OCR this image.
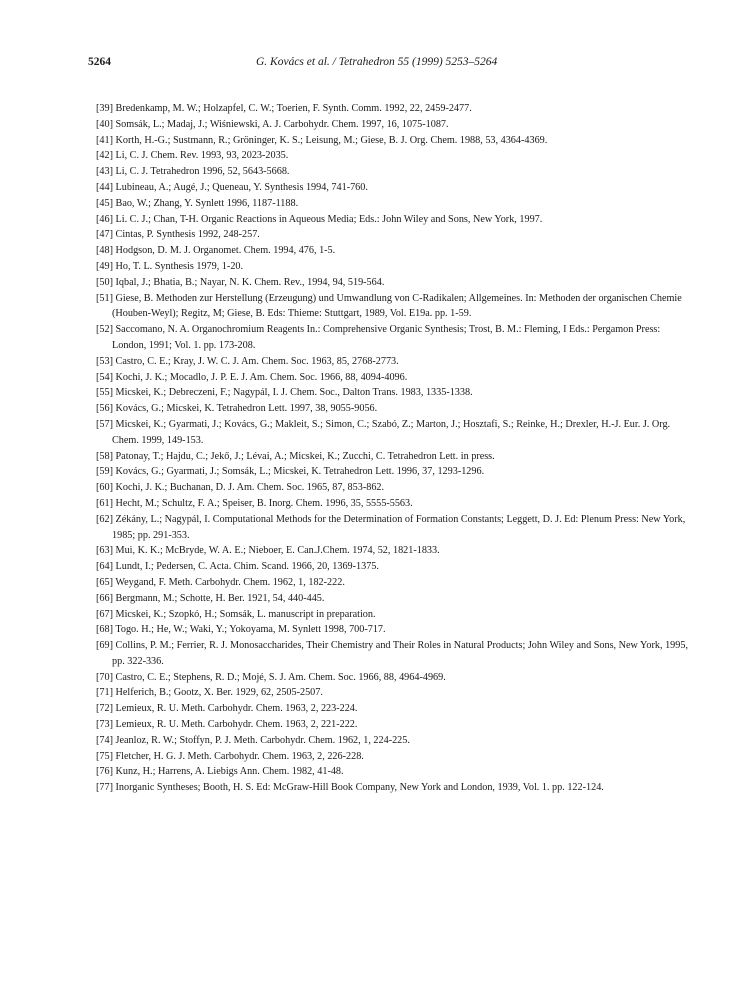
5264	G. Kovács et al. / Tetrahedron 55 (1999) 5253–5264
[39] Bredenkamp, M. W.; Holzapfel, C. W.; Toerien, F. Synth. Comm. 1992, 22, 2459-2477.
[40] Somsák, L.; Madaj, J.; Wiśniewski, A. J. Carbohydr. Chem. 1997, 16, 1075-1087.
[41] Korth, H.-G.; Sustmann, R.; Gröninger, K. S.; Leisung, M.; Giese, B. J. Org. Chem. 1988, 53, 4364-4369.
[42] Li, C. J. Chem. Rev. 1993, 93, 2023-2035.
[43] Li, C. J. Tetrahedron 1996, 52, 5643-5668.
[44] Lubineau, A.; Augé, J.; Queneau, Y. Synthesis 1994, 741-760.
[45] Bao, W.; Zhang, Y. Synlett 1996, 1187-1188.
[46] Li. C. J.; Chan, T-H. Organic Reactions in Aqueous Media; Eds.: John Wiley and Sons, New York, 1997.
[47] Cintas, P. Synthesis 1992, 248-257.
[48] Hodgson, D. M. J. Organomet. Chem. 1994, 476, 1-5.
[49] Ho, T. L. Synthesis 1979, 1-20.
[50] Iqbal, J.; Bhatia, B.; Nayar, N. K. Chem. Rev., 1994, 94, 519-564.
[51] Giese, B. Methoden zur Herstellung (Erzeugung) und Umwandlung von C-Radikalen; Allgemeines. In: Methoden der organischen Chemie (Houben-Weyl); Regitz, M; Giese, B. Eds: Thieme: Stuttgart, 1989, Vol. E19a. pp. 1-59.
[52] Saccomano, N. A. Organochromium Reagents In.: Comprehensive Organic Synthesis; Trost, B. M.: Fleming, I Eds.: Pergamon Press: London, 1991; Vol. 1. pp. 173-208.
[53] Castro, C. E.; Kray, J. W. C. J. Am. Chem. Soc. 1963, 85, 2768-2773.
[54] Kochi, J. K.; Mocadlo, J. P. E. J. Am. Chem. Soc. 1966, 88, 4094-4096.
[55] Micskei, K.; Debreczeni, F.; Nagypál, I. J. Chem. Soc., Dalton Trans. 1983, 1335-1338.
[56] Kovács, G.; Micskei, K. Tetrahedron Lett. 1997, 38, 9055-9056.
[57] Micskei, K.; Gyarmati, J.; Kovács, G.; Makleit, S.; Simon, C.; Szabó, Z.; Marton, J.; Hosztafi, S.; Reinke, H.; Drexler, H.-J. Eur. J. Org. Chem. 1999, 149-153.
[58] Patonay, T.; Hajdu, C.; Jekő, J.; Lévai, A.; Micskei, K.; Zucchi, C. Tetrahedron Lett. in press.
[59] Kovács, G.; Gyarmati, J.; Somsák, L.; Micskei, K. Tetrahedron Lett. 1996, 37, 1293-1296.
[60] Kochi, J. K.; Buchanan, D. J. Am. Chem. Soc. 1965, 87, 853-862.
[61] Hecht, M.; Schultz, F. A.; Speiser, B. Inorg. Chem. 1996, 35, 5555-5563.
[62] Zékány, L.; Nagypál, I. Computational Methods for the Determination of Formation Constants; Leggett, D. J. Ed: Plenum Press: New York, 1985; pp. 291-353.
[63] Mui, K. K.; McBryde, W. A. E.; Nieboer, E. Can.J.Chem. 1974, 52, 1821-1833.
[64] Lundt, I.; Pedersen, C. Acta. Chim. Scand. 1966, 20, 1369-1375.
[65] Weygand, F. Meth. Carbohydr. Chem. 1962, 1, 182-222.
[66] Bergmann, M.; Schotte, H. Ber. 1921, 54, 440-445.
[67] Micskei, K.; Szopkó, H.; Somsák, L. manuscript in preparation.
[68] Togo. H.; He, W.; Waki, Y.; Yokoyama, M. Synlett 1998, 700-717.
[69] Collins, P. M.; Ferrier, R. J. Monosaccharides, Their Chemistry and Their Roles in Natural Products; John Wiley and Sons, New York, 1995, pp. 322-336.
[70] Castro, C. E.; Stephens, R. D.; Mojé, S. J. Am. Chem. Soc. 1966, 88, 4964-4969.
[71] Helferich, B.; Gootz, X. Ber. 1929, 62, 2505-2507.
[72] Lemieux, R. U. Meth. Carbohydr. Chem. 1963, 2, 223-224.
[73] Lemieux, R. U. Meth. Carbohydr. Chem. 1963, 2, 221-222.
[74] Jeanloz, R. W.; Stoffyn, P. J. Meth. Carbohydr. Chem. 1962, 1, 224-225.
[75] Fletcher, H. G. J. Meth. Carbohydr. Chem. 1963, 2, 226-228.
[76] Kunz, H.; Harrens, A. Liebigs Ann. Chem. 1982, 41-48.
[77] Inorganic Syntheses; Booth, H. S. Ed: McGraw-Hill Book Company, New York and London, 1939, Vol. 1. pp. 122-124.
